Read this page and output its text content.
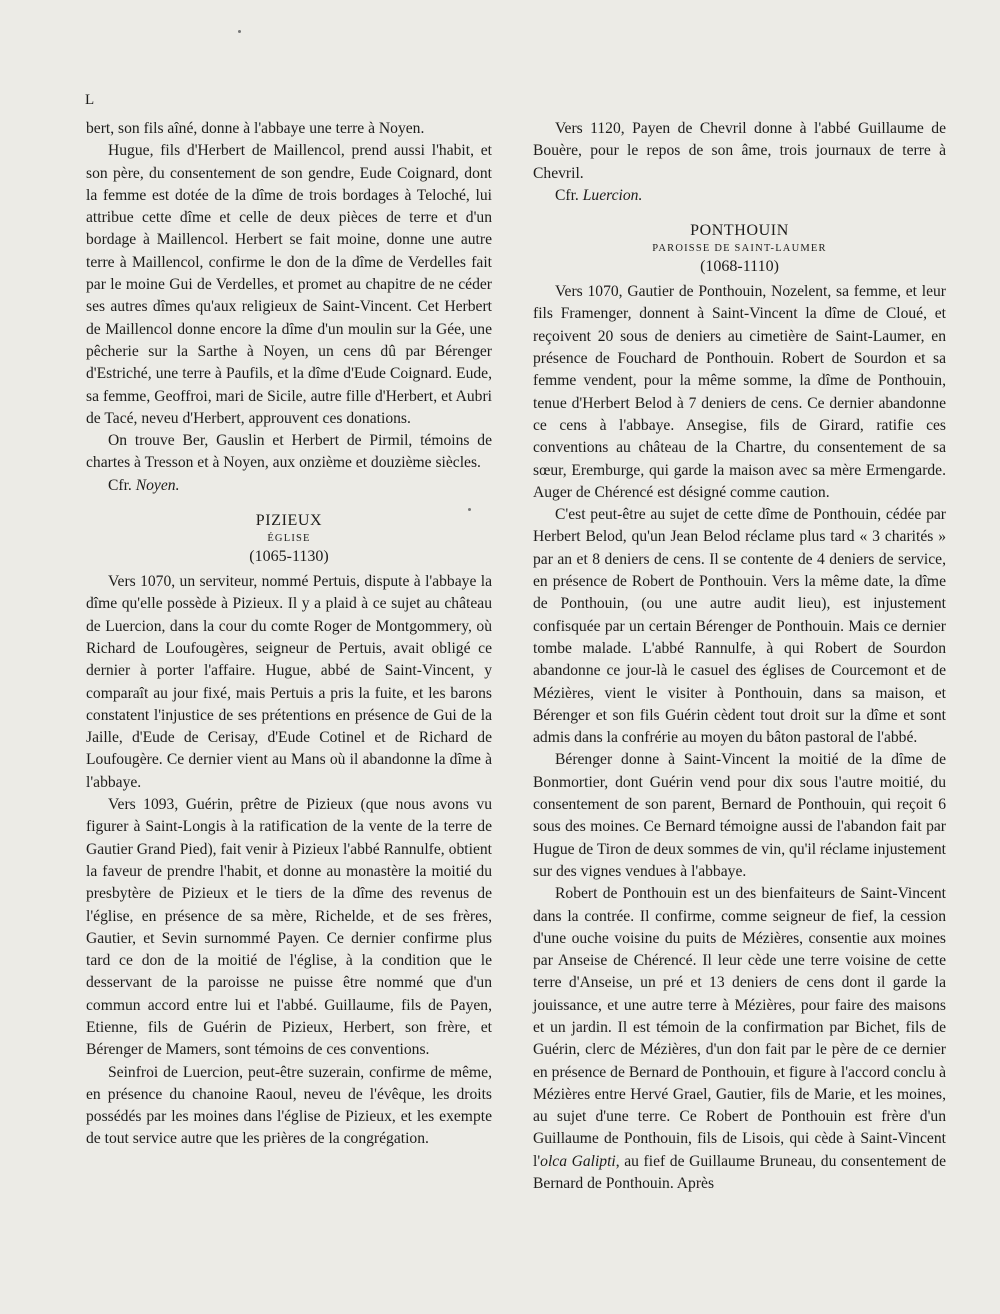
L

bert, son fils aîné, donne à l'abbaye une terre à Noyen.

Hugue, fils d'Herbert de Maillencol, prend aussi l'habit, et son père, du consentement de son gendre, Eude Coignard, dont la femme est dotée de la dîme de trois bordages à Teloché, lui attribue cette dîme et celle de deux pièces de terre et d'un bordage à Maillencol. Herbert se fait moine, donne une autre terre à Maillencol, confirme le don de la dîme de Verdelles fait par le moine Gui de Verdelles, et promet au chapitre de ne céder ses autres dîmes qu'aux religieux de Saint-Vincent. Cet Herbert de Maillencol donne encore la dîme d'un moulin sur la Gée, une pêcherie sur la Sarthe à Noyen, un cens dû par Bérenger d'Estriché, une terre à Paufils, et la dîme d'Eude Coignard. Eude, sa femme, Geoffroi, mari de Sicile, autre fille d'Herbert, et Aubri de Tacé, neveu d'Herbert, approuvent ces donations.

On trouve Ber, Gauslin et Herbert de Pirmil, témoins de chartes à Tresson et à Noyen, aux onzième et douzième siècles.

Cfr. Noyen.

PIZIEUX
ÉGLISE
(1065-1130)

Vers 1070, un serviteur, nommé Pertuis, dispute à l'abbaye la dîme qu'elle possède à Pizieux. Il y a plaid à ce sujet au château de Luercion, dans la cour du comte Roger de Montgommery, où Richard de Loufougères, seigneur de Pertuis, avait obligé ce dernier à porter l'affaire. Hugue, abbé de Saint-Vincent, y comparaît au jour fixé, mais Pertuis a pris la fuite, et les barons constatent l'injustice de ses prétentions en présence de Gui de la Jaille, d'Eude de Cerisay, d'Eude Cotinel et de Richard de Loufougère. Ce dernier vient au Mans où il abandonne la dîme à l'abbaye.

Vers 1093, Guérin, prêtre de Pizieux (que nous avons vu figurer à Saint-Longis à la ratification de la vente de la terre de Gautier Grand Pied), fait venir à Pizieux l'abbé Rannulfe, obtient la faveur de prendre l'habit, et donne au monastère la moitié du presbytère de Pizieux et le tiers de la dîme des revenus de l'église, en présence de sa mère, Richelde, et de ses frères, Gautier, et Sevin surnommé Payen. Ce dernier confirme plus tard ce don de la moitié de l'église, à la condition que le desservant de la paroisse ne puisse être nommé que d'un commun accord entre lui et l'abbé. Guillaume, fils de Payen, Etienne, fils de Guérin de Pizieux, Herbert, son frère, et Bérenger de Mamers, sont témoins de ces conventions.

Seinfroi de Luercion, peut-être suzerain, confirme de même, en présence du chanoine Raoul, neveu de l'évêque, les droits possédés par les moines dans l'église de Pizieux, et les exempte de tout service autre que les prières de la congrégation.

Vers 1120, Payen de Chevril donne à l'abbé Guillaume de Bouère, pour le repos de son âme, trois journaux de terre à Chevril.

Cfr. Luercion.

PONTHOUIN
PAROISSE DE SAINT-LAUMER
(1068-1110)

Vers 1070, Gautier de Ponthouin, Nozelent, sa femme, et leur fils Framenger, donnent à Saint-Vincent la dîme de Cloué, et reçoivent 20 sous de deniers au cimetière de Saint-Laumer, en présence de Fouchard de Ponthouin. Robert de Sourdon et sa femme vendent, pour la même somme, la dîme de Ponthouin, tenue d'Herbert Belod à 7 deniers de cens. Ce dernier abandonne ce cens à l'abbaye. Ansegise, fils de Girard, ratifie ces conventions au château de la Chartre, du consentement de sa sœur, Eremburge, qui garde la maison avec sa mère Ermengarde. Auger de Chérencé est désigné comme caution.

C'est peut-être au sujet de cette dîme de Ponthouin, cédée par Herbert Belod, qu'un Jean Belod réclame plus tard « 3 charités » par an et 8 deniers de cens. Il se contente de 4 deniers de service, en présence de Robert de Ponthouin. Vers la même date, la dîme de Ponthouin, (ou une autre audit lieu), est injustement confisquée par un certain Bérenger de Ponthouin. Mais ce dernier tombe malade. L'abbé Rannulfe, à qui Robert de Sourdon abandonne ce jour-là le casuel des églises de Courcemont et de Mézières, vient le visiter à Ponthouin, dans sa maison, et Bérenger et son fils Guérin cèdent tout droit sur la dîme et sont admis dans la confrérie au moyen du bâton pastoral de l'abbé.

Bérenger donne à Saint-Vincent la moitié de la dîme de Bonmortier, dont Guérin vend pour dix sous l'autre moitié, du consentement de son parent, Bernard de Ponthouin, qui reçoit 6 sous des moines. Ce Bernard témoigne aussi de l'abandon fait par Hugue de Tiron de deux sommes de vin, qu'il réclame injustement sur des vignes vendues à l'abbaye.

Robert de Ponthouin est un des bienfaiteurs de Saint-Vincent dans la contrée. Il confirme, comme seigneur de fief, la cession d'une ouche voisine du puits de Mézières, consentie aux moines par Anseise de Chérencé. Il leur cède une terre voisine de cette terre d'Anseise, un pré et 13 deniers de cens dont il garde la jouissance, et une autre terre à Mézières, pour faire des maisons et un jardin. Il est témoin de la confirmation par Bichet, fils de Guérin, clerc de Mézières, d'un don fait par le père de ce dernier en présence de Bernard de Ponthouin, et figure à l'accord conclu à Mézières entre Hervé Grael, Gautier, fils de Marie, et les moines, au sujet d'une terre. Ce Robert de Ponthouin est frère d'un Guillaume de Ponthouin, fils de Lisois, qui cède à Saint-Vincent l'olca Galipti, au fief de Guillaume Bruneau, du consentement de Bernard de Ponthouin. Après
